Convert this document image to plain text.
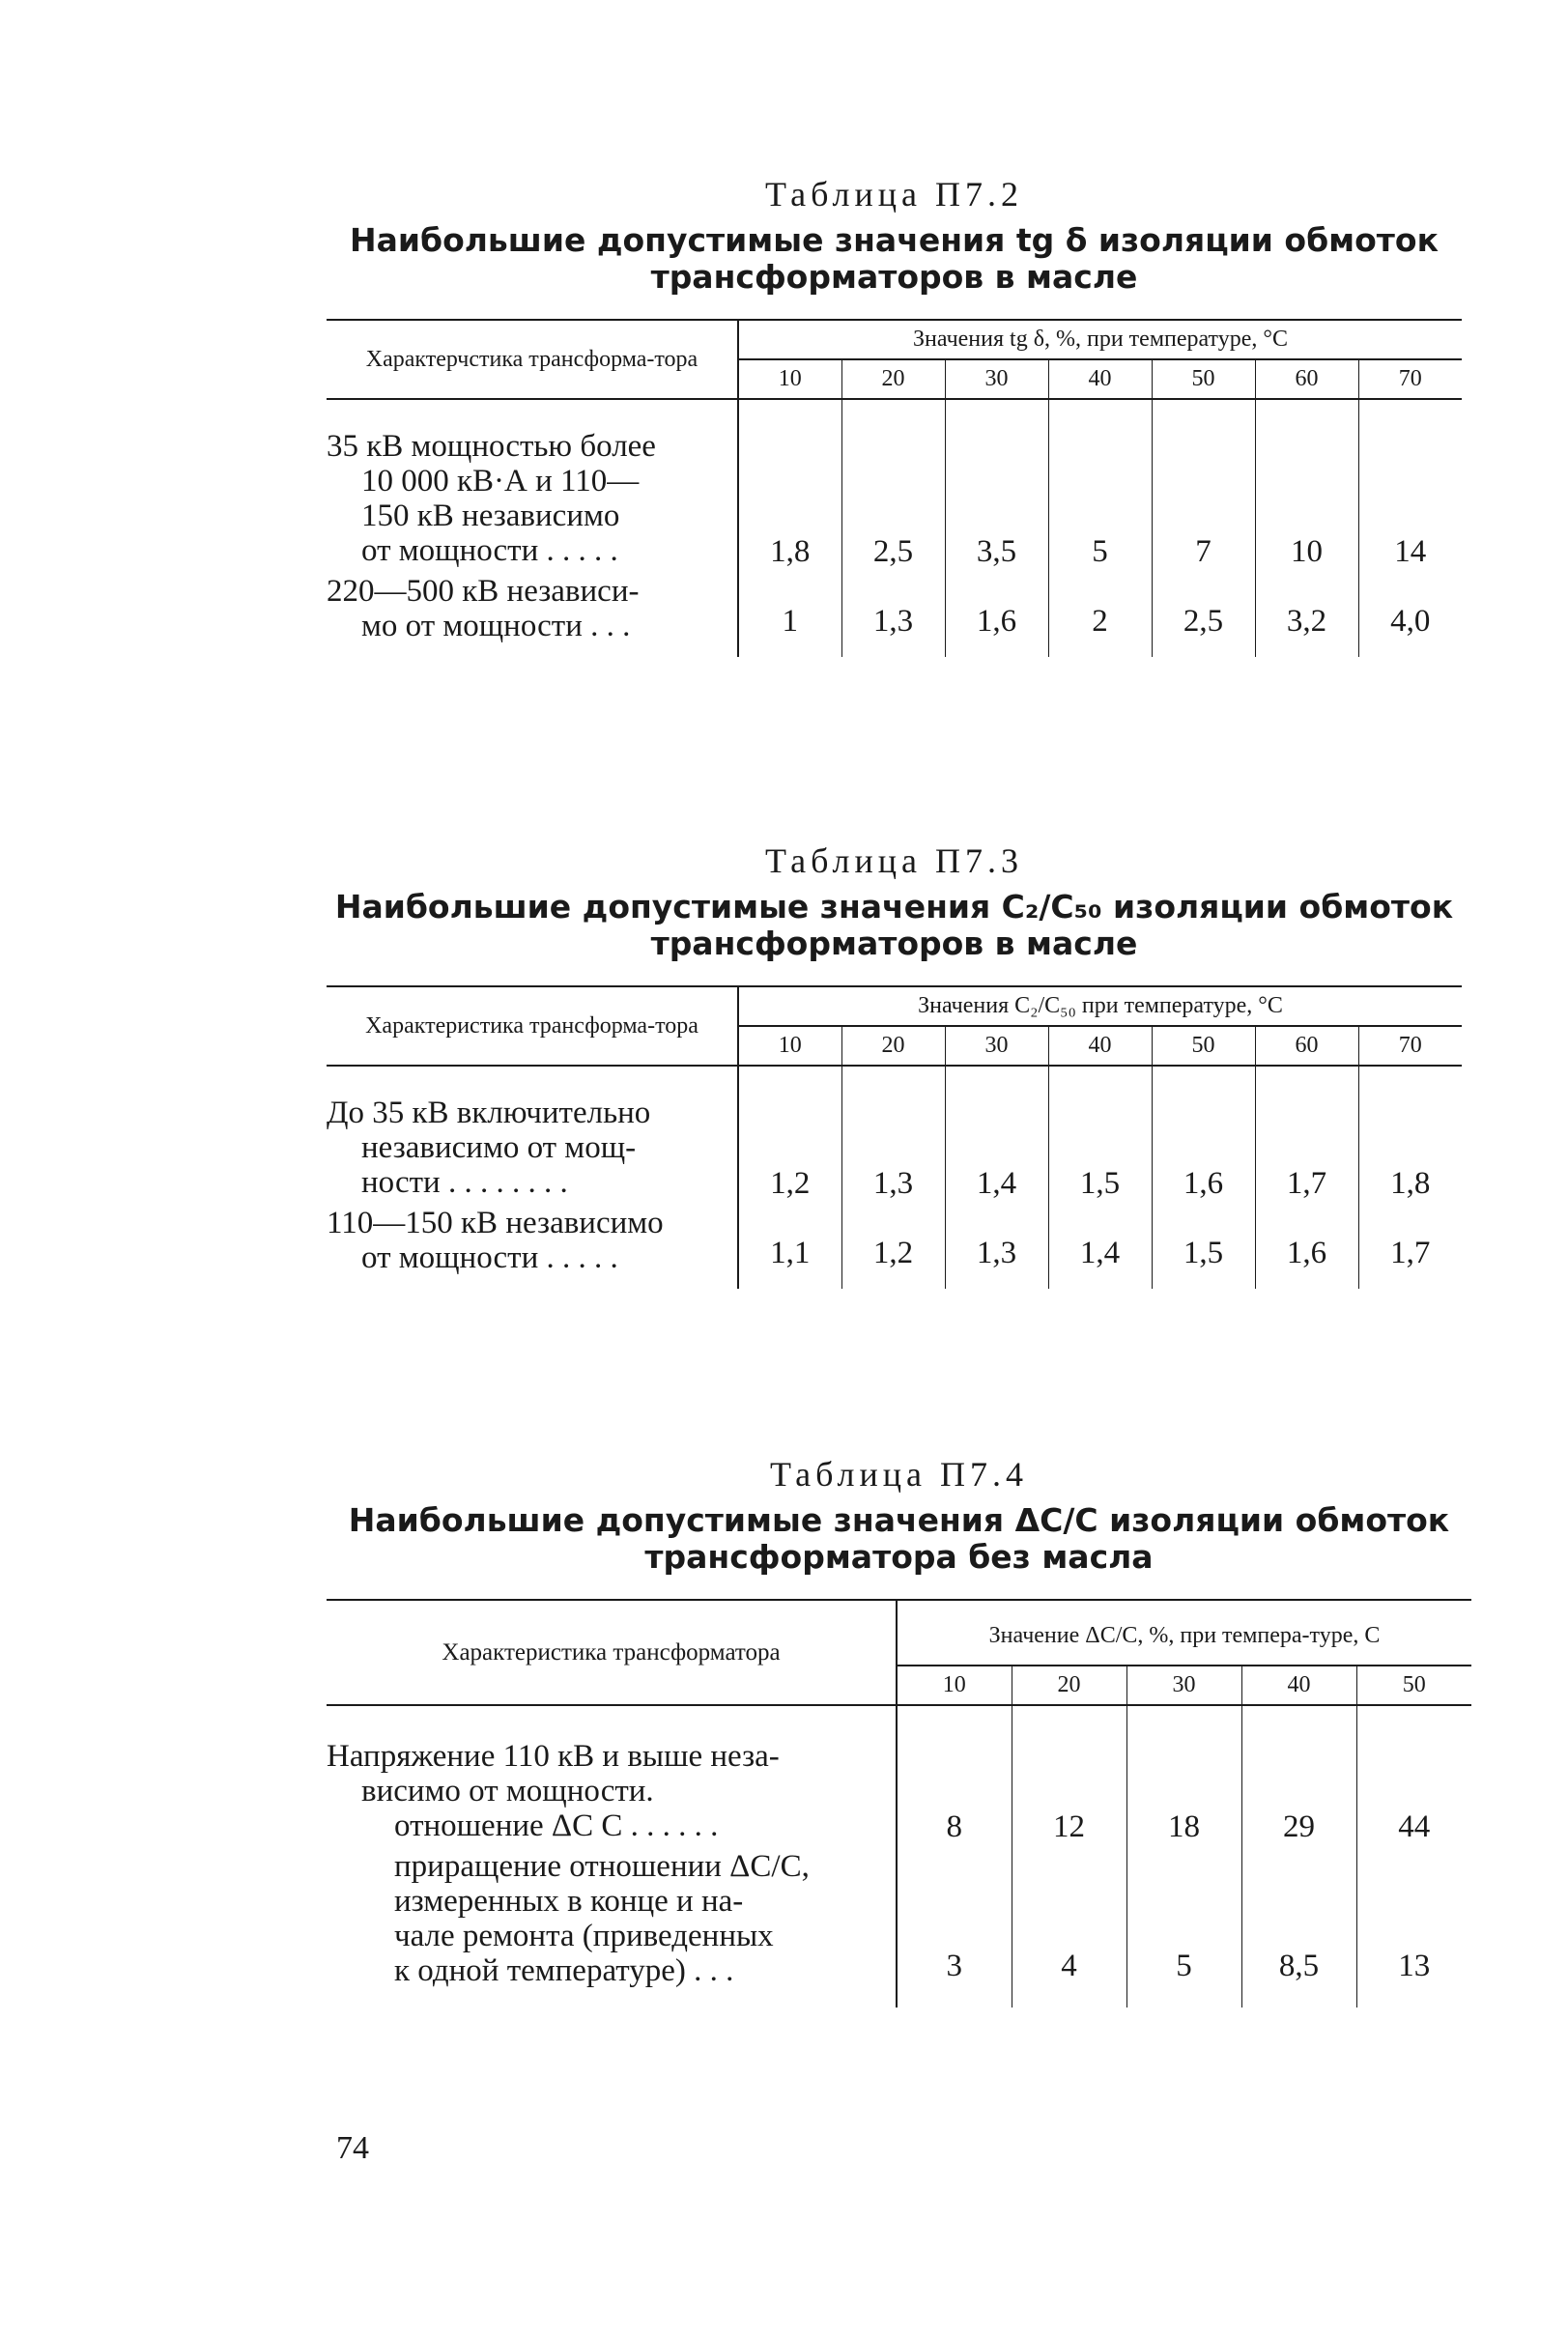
Таблица П7.2
Наибольшие допустимые значения tg δ изоляции обмоток
трансформаторов в масле
Характерчстика трансформа-тора	Значения tg δ, %, при температуре, °С						
	10	20	30	40	50	60	70

35 кВ мощностью более

10 000 кВ·А и 110—

150 кВ независимо

от мощности . . . . .	1,8	2,5	3,5	5	7	10	14

220—500 кВ независи-

мо от мощности . . .	1	1,3	1,6	2	2,5	3,2	4,0
Таблица П7.3
Наибольшие допустимые значения C₂/C₅₀ изоляции обмоток
трансформаторов в масле
Характеристика трансформа-тора	Значения C₂/C₅₀ при температуре, °С						
	10	20	30	40	50	60	70

До 35 кВ включительно

независимо от мощ-

ности . . . . . . . .	1,2	1,3	1,4	1,5	1,6	1,7	1,8

110—150 кВ независимо

от мощности . . . . .	1,1	1,2	1,3	1,4	1,5	1,6	1,7
Таблица П7.4
Наибольшие допустимые значения ΔC/C изоляции обмоток
трансформатора без масла
Характеристика трансформатора	Значение ΔC/C, %, при темпера-туре, С				
	10	20	30	40	50

Напряжение 110 кВ и выше неза-

висимо от мощности.

отношение ΔC C . . . . . .	8	12	18	29	44

приращение отношении ΔC/C,

измеренных в конце и на-

чале ремонта (приведенных

к одной температуре) . . .	3	4	5	8,5	13
74
